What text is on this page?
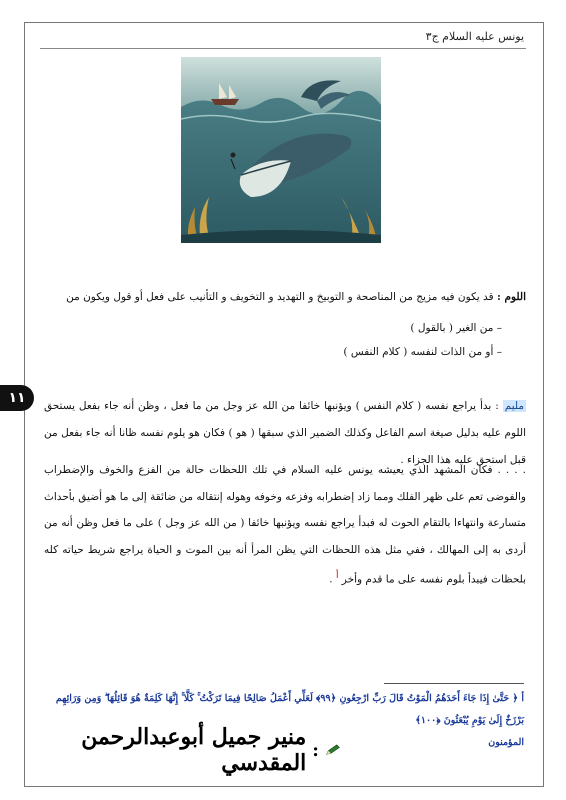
يونس عليه السلام ج٣
اللوم : قد يكون فيه مزيج من المناصحة و التوبيخ و التهديد و التخويف و التأنيب على فعل أو قول ويكون من
– من الغير ( بالقول )
– أو من الذات لنفسه ( كلام النفس )
١١	مليم : بدأ يراجع نفسه ( كلام النفس ) ويؤنبها خائفا من الله عز وجل من ما فعل ، وظن أنه جاء بفعل يستحق اللوم عليه بدليل صيغة اسم الفاعل وكذلك الضمير الذي سبقها ( هو ) فكان هو يلوم نفسه ظانا أنه جاء بفعل من قبل استحق عليه هذا الجزاء .
. . . . فكان المشهد الذي يعيشه يونس عليه السلام في تلك اللحظات حالة من الفزع والخوف والإضطراب والفوضى تعم على ظهر الفلك ومما زاد إضطرابه وفزعه وخوفه وهوله إنتقاله من ضائقة إلى ما هو أضيق بأحداث متسارعة وانتهاءا بالتقام الحوت له فبدأ يراجع نفسه ويؤنبها خائفا ( من الله عز وجل ) على ما فعل وظن أنه من أردى به إلى المهالك ، ففي مثل هذه اللحظات التي يظن المرأ أنه بين الموت و الحياة يراجع شريط حياته كله بلحظات فيبدأ بلوم نفسه على ما قدم وأخر أ .
أ ﴿ حَتَّىٰ إِذَا جَاءَ أَحَدَهُمُ الْمَوْتُ قَالَ رَبِّ ارْجِعُونِ ﴿٩٩﴾ لَعَلِّي أَعْمَلُ صَالِحًا فِيمَا تَرَكْتُ ۚ كَلَّا ۚ إِنَّهَا كَلِمَةٌ هُوَ قَائِلُهَا ۖ وَمِن وَرَائِهِم بَرْزَخٌ إِلَىٰ يَوْمِ يُبْعَثُونَ ﴿١٠٠﴾
المؤمنون
:
منير جميل أبوعبدالرحمن المقدسي
